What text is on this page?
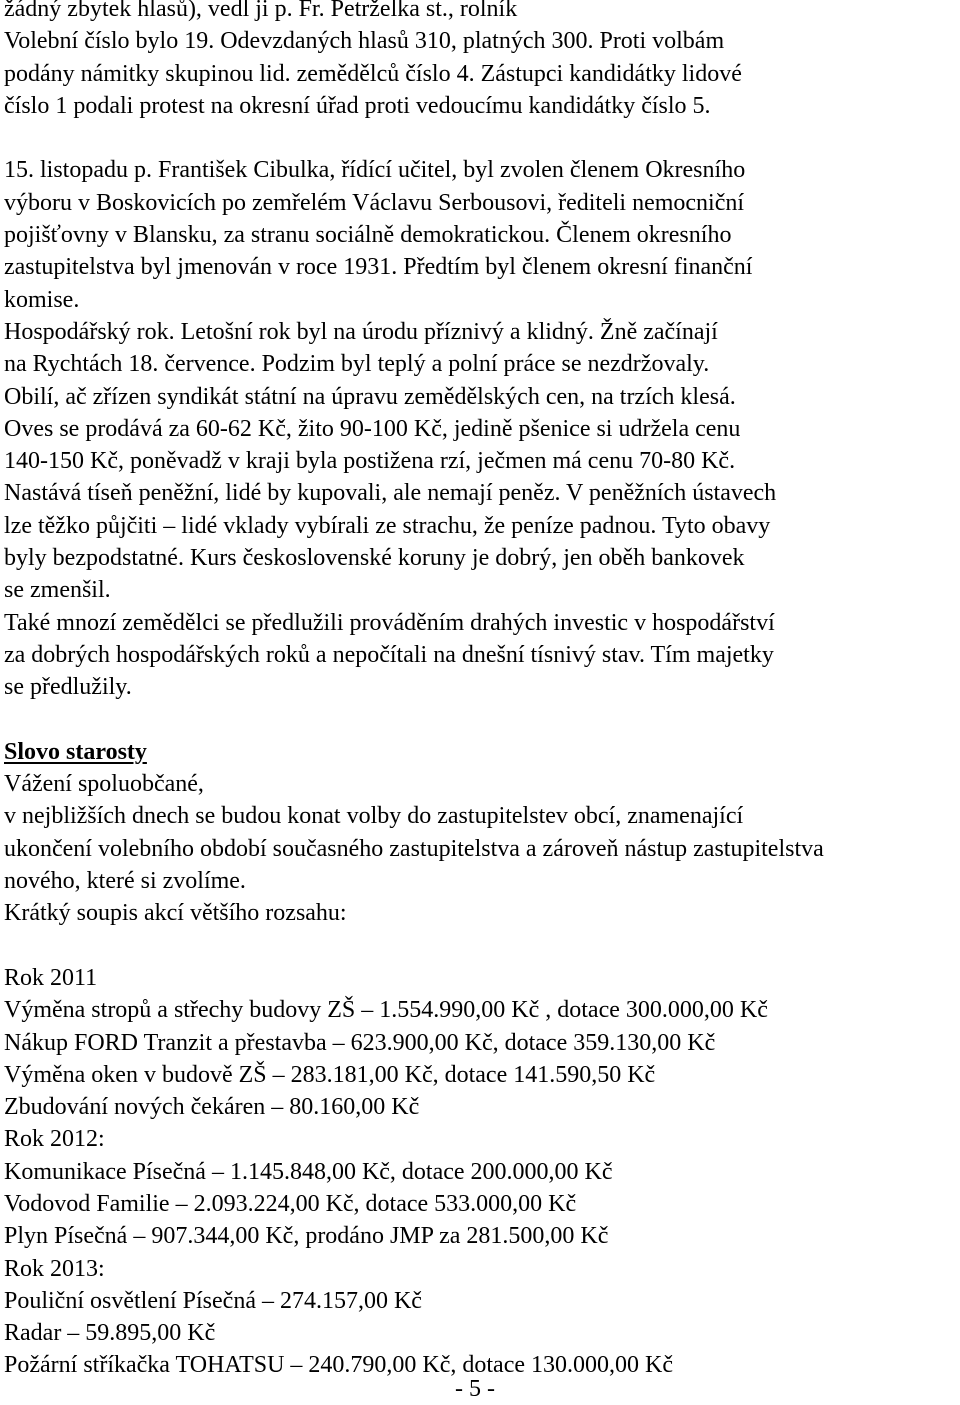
žádný zbytek hlasů), vedl ji p. Fr. Petrželka st., rolník
Volební číslo bylo 19. Odevzdaných hlasů 310, platných 300. Proti volbám
podány námitky skupinou lid. zemědělců číslo 4. Zástupci kandidátky lidové
číslo 1 podali protest na okresní úřad proti vedoucímu kandidátky číslo 5.
15. listopadu p. František Cibulka, řídící učitel, byl zvolen členem Okresního
výboru v Boskovicích po zemřelém Václavu Serbousovi, řediteli nemocniční
pojišťovny v Blansku, za stranu sociálně demokratickou. Členem okresního
zastupitelstva byl jmenován v roce 1931. Předtím byl členem okresní finanční
komise.
Hospodářský rok. Letošní rok byl na úrodu příznivý a klidný. Žně začínají
na Rychtách 18. července. Podzim byl teplý a polní práce se nezdržovaly.
Obilí, ač zřízen syndikát státní na úpravu zemědělských cen, na trzích klesá.
Oves se prodává za 60-62 Kč, žito 90-100 Kč, jedině pšenice si udržela cenu
140-150 Kč, poněvadž v kraji byla postižena rzí, ječmen má cenu 70-80 Kč.
Nastává tíseň peněžní, lidé by kupovali, ale nemají peněz. V peněžních ústavech
lze těžko půjčiti – lidé vklady vybírali ze strachu, že peníze padnou. Tyto obavy
byly bezpodstatné. Kurs československé koruny je dobrý, jen oběh bankovek
se zmenšil.
Také mnozí zemědělci se předlužili prováděním drahých investic v hospodářství
za dobrých hospodářských roků a nepočítali na dnešní tísnivý stav. Tím majetky
se předlužily.
Slovo starosty
Vážení spoluobčané,
v nejbližších dnech se budou konat volby do zastupitelstev obcí, znamenající
ukončení volebního období současného zastupitelstva a zároveň nástup zastupitelstva
nového, které si zvolíme.
Krátký soupis akcí většího rozsahu:
Rok 2011
Výměna stropů a střechy budovy ZŠ – 1.554.990,00 Kč , dotace 300.000,00 Kč
Nákup FORD Tranzit a přestavba – 623.900,00 Kč, dotace 359.130,00 Kč
Výměna oken v budově ZŠ – 283.181,00 Kč, dotace 141.590,50 Kč
Zbudování nových čekáren – 80.160,00 Kč
Rok 2012:
Komunikace Písečná – 1.145.848,00 Kč, dotace 200.000,00 Kč
Vodovod Familie – 2.093.224,00 Kč, dotace 533.000,00 Kč
Plyn Písečná – 907.344,00 Kč, prodáno JMP za 281.500,00 Kč
Rok 2013:
Pouliční osvětlení Písečná – 274.157,00 Kč
Radar – 59.895,00 Kč
Požární stříkačka TOHATSU – 240.790,00 Kč, dotace 130.000,00 Kč
- 5 -
